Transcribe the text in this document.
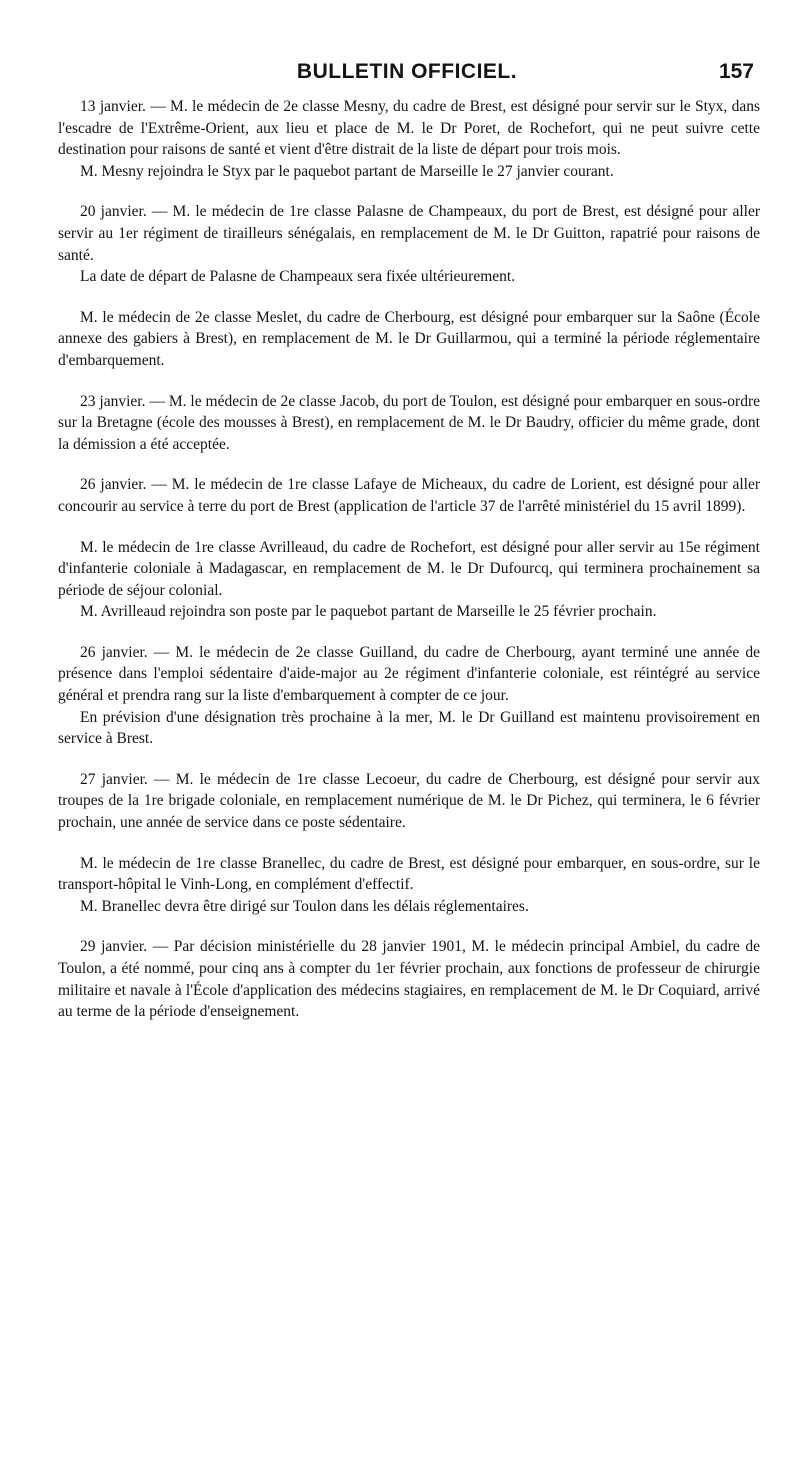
BULLETIN OFFICIEL.	157

13 janvier. — M. le médecin de 2e classe Mesny, du cadre de Brest, est désigné pour servir sur le Styx, dans l'escadre de l'Extrême-Orient, aux lieu et place de M. le Dr Poret, de Rochefort, qui ne peut suivre cette destination pour raisons de santé et vient d'être distrait de la liste de départ pour trois mois.

M. Mesny rejoindra le Styx par le paquebot partant de Marseille le 27 janvier courant.

20 janvier. — M. le médecin de 1re classe Palasne de Champeaux, du port de Brest, est désigné pour aller servir au 1er régiment de tirailleurs sénégalais, en remplacement de M. le Dr Guitton, rapatrié pour raisons de santé.

La date de départ de Palasne de Champeaux sera fixée ultérieurement.

M. le médecin de 2e classe Meslet, du cadre de Cherbourg, est désigné pour embarquer sur la Saône (École annexe des gabiers à Brest), en remplacement de M. le Dr Guillarmou, qui a terminé la période réglementaire d'embarquement.

23 janvier. — M. le médecin de 2e classe Jacob, du port de Toulon, est désigné pour embarquer en sous-ordre sur la Bretagne (école des mousses à Brest), en remplacement de M. le Dr Baudry, officier du même grade, dont la démission a été acceptée.

26 janvier. — M. le médecin de 1re classe Lafaye de Micheaux, du cadre de Lorient, est désigné pour aller concourir au service à terre du port de Brest (application de l'article 37 de l'arrêté ministériel du 15 avril 1899).

M. le médecin de 1re classe Avrilleaud, du cadre de Rochefort, est désigné pour aller servir au 15e régiment d'infanterie coloniale à Madagascar, en remplacement de M. le Dr Dufourcq, qui terminera prochainement sa période de séjour colonial.

M. Avrilleaud rejoindra son poste par le paquebot partant de Marseille le 25 février prochain.

26 janvier. — M. le médecin de 2e classe Guilland, du cadre de Cherbourg, ayant terminé une année de présence dans l'emploi sédentaire d'aide-major au 2e régiment d'infanterie coloniale, est réintégré au service général et prendra rang sur la liste d'embarquement à compter de ce jour.

En prévision d'une désignation très prochaine à la mer, M. le Dr Guilland est maintenu provisoirement en service à Brest.

27 janvier. — M. le médecin de 1re classe Lecoeur, du cadre de Cherbourg, est désigné pour servir aux troupes de la 1re brigade coloniale, en remplacement numérique de M. le Dr Pichez, qui terminera, le 6 février prochain, une année de service dans ce poste sédentaire.

M. le médecin de 1re classe Branellec, du cadre de Brest, est désigné pour embarquer, en sous-ordre, sur le transport-hôpital le Vinh-Long, en complément d'effectif.

M. Branellec devra être dirigé sur Toulon dans les délais réglementaires.

29 janvier. — Par décision ministérielle du 28 janvier 1901, M. le médecin principal Ambiel, du cadre de Toulon, a été nommé, pour cinq ans à compter du 1er février prochain, aux fonctions de professeur de chirurgie militaire et navale à l'École d'application des médecins stagiaires, en remplacement de M. le Dr Coquiard, arrivé au terme de la période d'enseignement.
